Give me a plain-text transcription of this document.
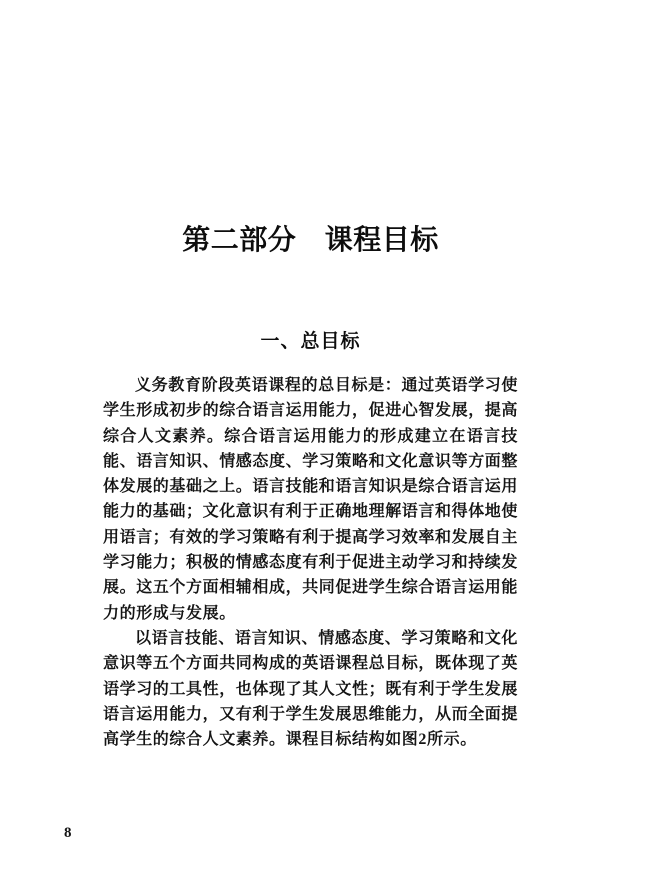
第二部分　课程目标
一、总目标

义务教育阶段英语课程的总目标是：通过英语学习使学生形成初步的综合语言运用能力，促进心智发展，提高综合人文素养。综合语言运用能力的形成建立在语言技能、语言知识、情感态度、学习策略和文化意识等方面整体发展的基础之上。语言技能和语言知识是综合语言运用能力的基础；文化意识有利于正确地理解语言和得体地使用语言；有效的学习策略有利于提高学习效率和发展自主学习能力；积极的情感态度有利于促进主动学习和持续发展。这五个方面相辅相成，共同促进学生综合语言运用能力的形成与发展。

以语言技能、语言知识、情感态度、学习策略和文化意识等五个方面共同构成的英语课程总目标，既体现了英语学习的工具性，也体现了其人文性；既有利于学生发展语言运用能力，又有利于学生发展思维能力，从而全面提高学生的综合人文素养。课程目标结构如图2所示。

8
